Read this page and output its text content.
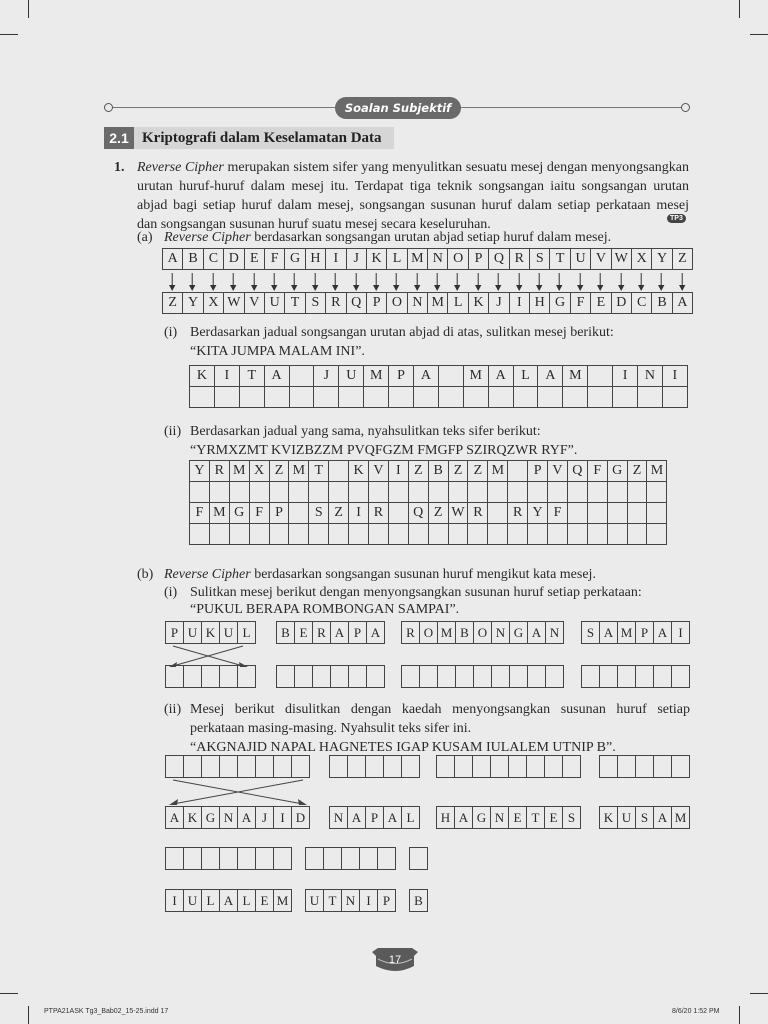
Soalan Subjektif
2.1 Kriptografi dalam Keselamatan Data
1. Reverse Cipher merupakan sistem sifer yang menyulitkan sesuatu mesej dengan menyongsangkan
urutan huruf-huruf dalam mesej itu. Terdapat tiga teknik songsangan iaitu songsangan urutan
abjad bagi setiap huruf dalam mesej, songsangan susunan huruf dalam setiap perkataan mesej
dan songsangan susunan huruf suatu mesej secara keseluruhan.	TP3
(a) Reverse Cipher berdasarkan songsangan urutan abjad setiap huruf dalam mesej.
A B C D E F G H I	J K L M N O P Q R S T U V W X Y Z
Z Y X W V U T S R Q P O N M L K J	I H G F E D C B A
(i) Berdasarkan jadual songsangan urutan abjad di atas, sulitkan mesej berikut:
“KITA JUMPA MALAM INI”.
K	I	T	A	J	U M	P	A	M A	L	A M	I	N	I
(ii) Berdasarkan jadual yang sama, nyahsulitkan teks sifer berikut:
“YRMXZMT KVIZBZZM PVQFGZM FMGFP SZIRQZWR RYF”.
Y R M X Z M T	K V I Z B Z Z M	P V Q F G Z M
F M G F P	S Z I R	Q Z W R	R Y F
(b) Reverse Cipher berdasarkan songsangan susunan huruf mengikut kata mesej.
(i) Sulitkan mesej berikut dengan menyongsangkan susunan huruf setiap perkataan:
“PUKUL BERAPA ROMBONGAN SAMPAI”.
P U K U L	B E R A P A	R O M B O N G A N	S A M P A I
(ii) Mesej berikut disulitkan dengan kaedah menyongsangkan susunan huruf setiap
perkataan masing-masing. Nyahsulit teks sifer ini.
“AKGNAJID NAPAL HAGNETES IGAP KUSAM IULALEM UTNIP B”.
A K G N A J	I D	N A P A L	H A G N E T E S	K U S A M
I U L A L E M	U T N I P	B
17
PTPA21ASK Tg3_Bab02_15-25.indd 17	8/6/20 1:52 PM
